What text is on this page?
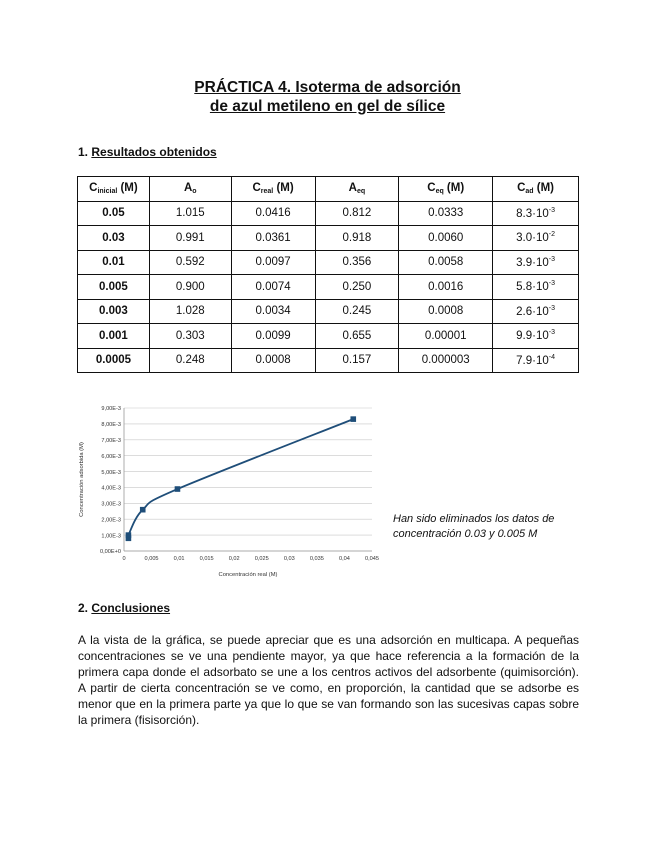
PRÁCTICA 4. Isoterma de adsorción
de azul metileno en gel de sílice
1. Resultados obtenidos
$C_{inicial}$ (M)	$A_o$	$C_{real}$ (M)	$A_{eq}$	$C_{eq}$ (M)	$C_{ad}$ (M)
0.05	1.015	0.0416	0.812	0.0333	$8.3\cdot 10^{-3}$
0.03	0.991	0.0361	0.918	0.0060	$3.0\cdot 10^{-2}$
0.01	0.592	0.0097	0.356	0.0058	$3.9\cdot 10^{-3}$
0.005	0.900	0.0074	0.250	0.0016	$5.8\cdot 10^{-3}$
0.003	1.028	0.0034	0.245	0.0008	$2.6\cdot 10^{-3}$
0.001	0.303	0.0099	0.655	0.00001	$9.9\cdot 10^{-3}$
0.0005	0.248	0.0008	0.157	0.000003	$7.9\cdot 10^{-4}$
0,00E+0
1,00E-3
2,00E-3
3,00E-3
4,00E-3
5,00E-3
6,00E-3
7,00E-3
8,00E-3
9,00E-3
0	0,005	0,01	0,015	0,02	0,025	0,03	0,035	0,04	0,045
Concentración real (M)
Concentración adsorbida (M)
Han sido eliminados los datos de
concentración 0.03 y 0.005 M
2. Conclusiones

A la vista de la gráfica, se puede apreciar que es una adsorción en multicapa. A pequeñas concentraciones se ve una pendiente mayor, ya que hace referencia a la formación de la primera capa donde el adsorbato se une a los centros activos del adsorbente (quimisorción). A partir de cierta concentración se ve como, en proporción, la cantidad que se adsorbe es menor que en la primera parte ya que lo que se van formando son las sucesivas capas sobre la primera (fisisorción).
